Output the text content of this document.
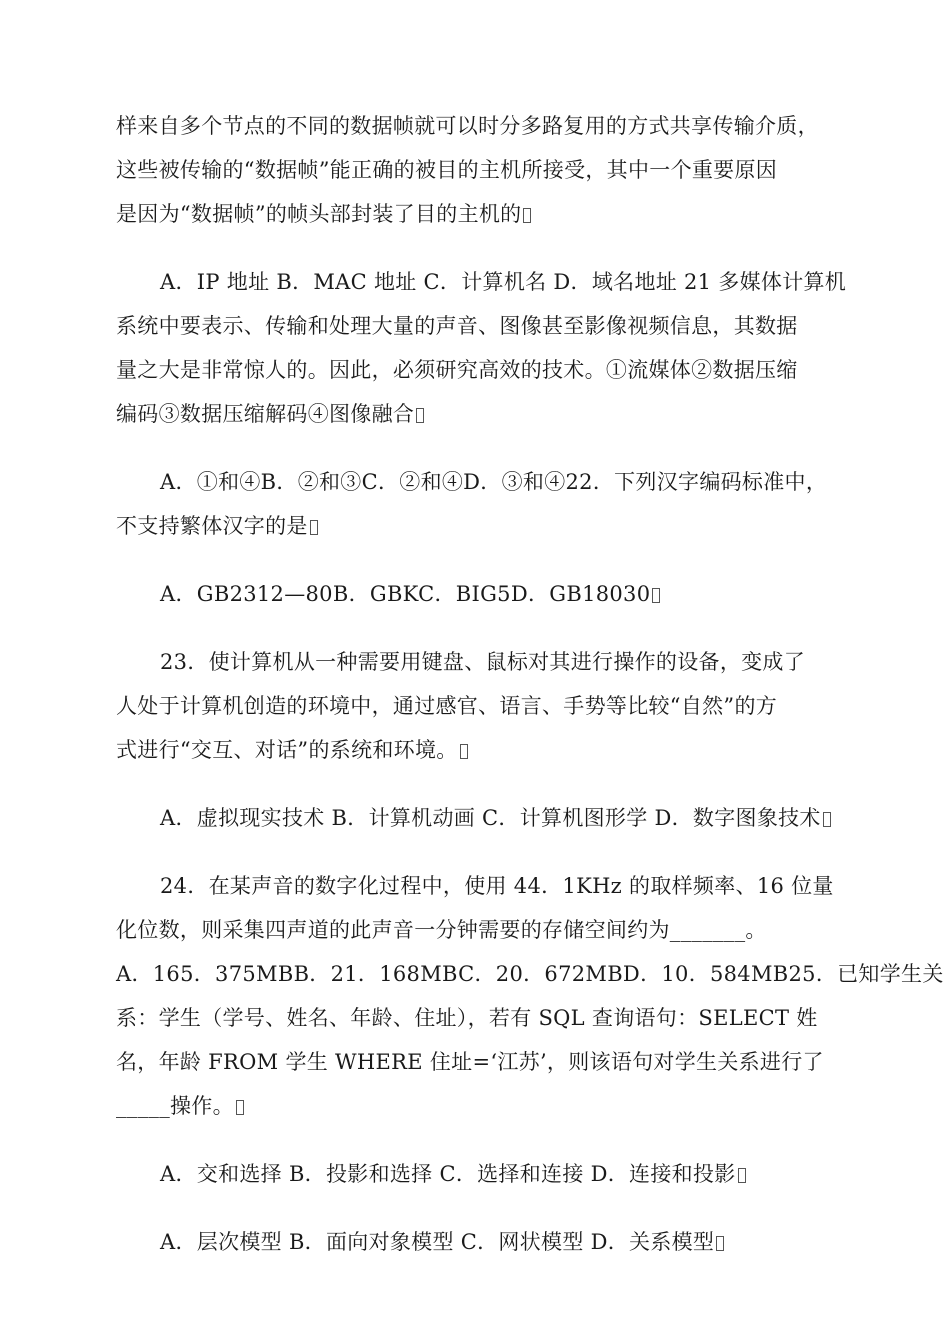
样来自多个节点的不同的数据帧就可以时分多路复用的方式共享传输介质，
这些被传输的“数据帧”能正确的被目的主机所接受，其中一个重要原因
是因为“数据帧”的帧头部封装了目的主机的
A．IP 地址 B．MAC 地址 C．计算机名 D．域名地址 21 多媒体计算机
系统中要表示、传输和处理大量的声音、图像甚至影像视频信息，其数据
量之大是非常惊人的。因此，必须研究高效的技术。①流媒体②数据压缩
编码③数据压缩解码④图像融合
A．①和④B．②和③C．②和④D．③和④22．下列汉字编码标准中，
不支持繁体汉字的是
A．GB2312—80B．GBKC．BIG5D．GB18030
23．使计算机从一种需要用键盘、鼠标对其进行操作的设备，变成了
人处于计算机创造的环境中，通过感官、语言、手势等比较“自然”的方
式进行“交互、对话”的系统和环境。
A．虚拟现实技术 B．计算机动画 C．计算机图形学 D．数字图象技术
24．在某声音的数字化过程中，使用 44．1KHz 的取样频率、16 位量
化位数，则采集四声道的此声音一分钟需要的存储空间约为_______。
A．165．375MBB．21．168MBC．20．672MBD．10．584MB25．已知学生关
系：学生（学号、姓名、年龄、住址），若有 SQL 查询语句：SELECT 姓
名，年龄 FROM 学生 WHERE 住址=‘江苏’，则该语句对学生关系进行了
_____操作。
A．交和选择 B．投影和选择 C．选择和连接 D．连接和投影
A．层次模型 B．面向对象模型 C．网状模型 D．关系模型
